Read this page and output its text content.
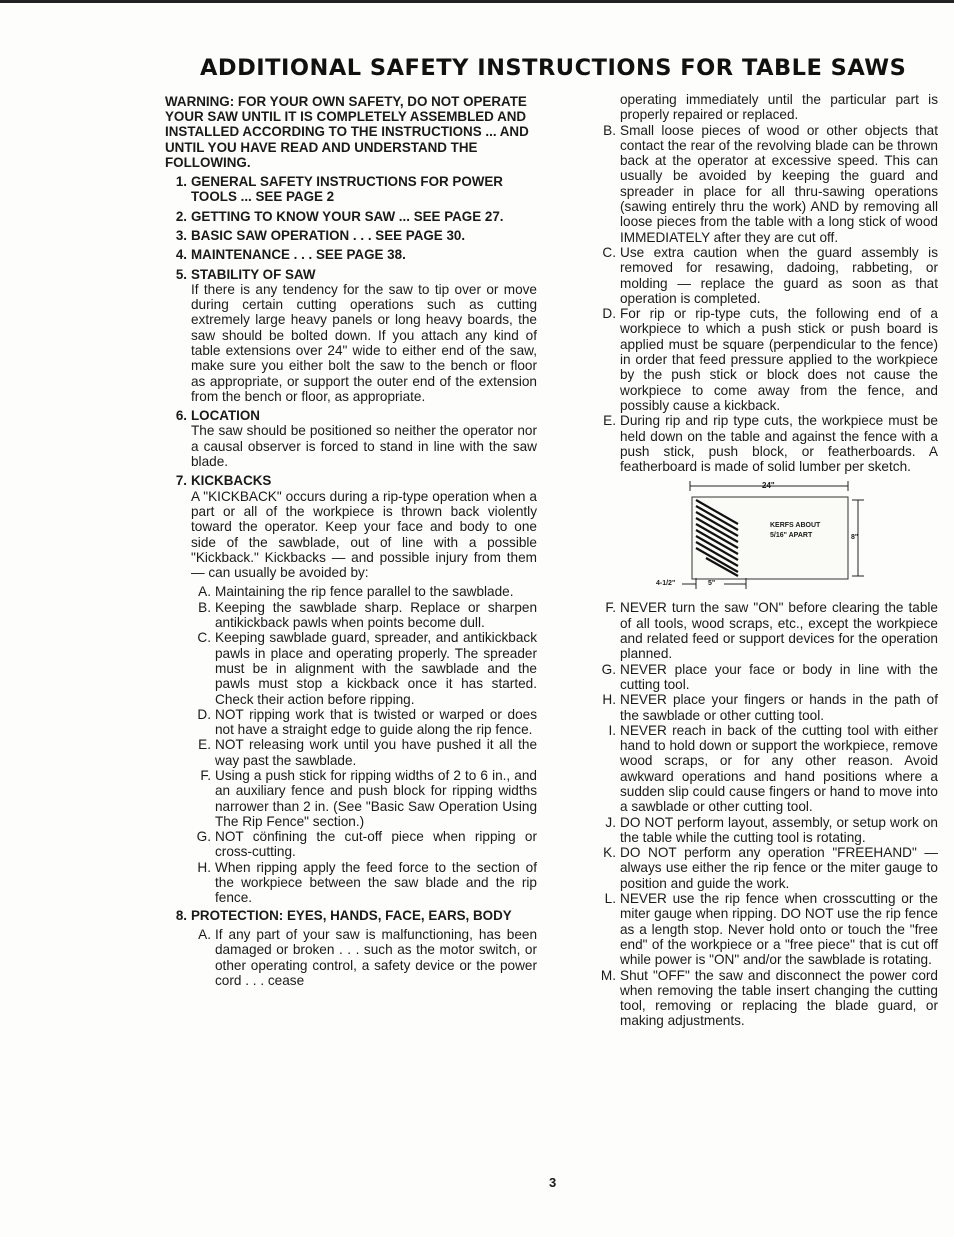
ADDITIONAL SAFETY INSTRUCTIONS FOR TABLE SAWS
WARNING: FOR YOUR OWN SAFETY, DO NOT OPERATE YOUR SAW UNTIL IT IS COMPLETELY ASSEMBLED AND INSTALLED ACCORDING TO THE INSTRUCTIONS ... AND UNTIL YOU HAVE READ AND UNDERSTAND THE FOLLOWING.
1. GENERAL SAFETY INSTRUCTIONS FOR POWER TOOLS ... SEE PAGE 2
2. GETTING TO KNOW YOUR SAW ... SEE PAGE 27.
3. BASIC SAW OPERATION . . . SEE PAGE 30.
4. MAINTENANCE . . . SEE PAGE 38.
5. STABILITY OF SAW
If there is any tendency for the saw to tip over or move during certain cutting operations such as cutting extremely large heavy panels or long heavy boards, the saw should be bolted down. If you attach any kind of table extensions over 24" wide to either end of the saw, make sure you either bolt the saw to the bench or floor as appropriate, or support the outer end of the extension from the bench or floor, as appropriate.
6. LOCATION
The saw should be positioned so neither the operator nor a causal observer is forced to stand in line with the saw blade.
7. KICKBACKS
A "KICKBACK" occurs during a rip-type operation when a part or all of the workpiece is thrown back violently toward the operator. Keep your face and body to one side of the sawblade, out of line with a possible "Kickback." Kickbacks — and possible injury from them — can usually be avoided by:
A. Maintaining the rip fence parallel to the sawblade.
B. Keeping the sawblade sharp. Replace or sharpen antikickback pawls when points become dull.
C. Keeping sawblade guard, spreader, and antikickback pawls in place and operating properly. The spreader must be in alignment with the sawblade and the pawls must stop a kickback once it has started. Check their action before ripping.
D. NOT ripping work that is twisted or warped or does not have a straight edge to guide along the rip fence.
E. NOT releasing work until you have pushed it all the way past the sawblade.
F. Using a push stick for ripping widths of 2 to 6 in., and an auxiliary fence and push block for ripping widths narrower than 2 in. (See "Basic Saw Operation Using The Rip Fence" section.)
G. NOT cönfining the cut-off piece when ripping or cross-cutting.
H. When ripping apply the feed force to the section of the workpiece between the saw blade and the rip fence.
8. PROTECTION: EYES, HANDS, FACE, EARS, BODY
A. If any part of your saw is malfunctioning, has been damaged or broken . . . such as the motor switch, or other operating control, a safety device or the power cord . . . cease
operating immediately until the particular part is properly repaired or replaced.
B. Small loose pieces of wood or other objects that contact the rear of the revolving blade can be thrown back at the operator at excessive speed. This can usually be avoided by keeping the guard and spreader in place for all thru-sawing operations (sawing entirely thru the work) AND by removing all loose pieces from the table with a long stick of wood IMMEDIATELY after they are cut off.
C. Use extra caution when the guard assembly is removed for resawing, dadoing, rabbeting, or molding — replace the guard as soon as that operation is completed.
D. For rip or rip-type cuts, the following end of a workpiece to which a push stick or push board is applied must be square (perpendicular to the fence) in order that feed pressure applied to the workpiece by the push stick or block does not cause the workpiece to come away from the fence, and possibly cause a kickback.
E. During rip and rip type cuts, the workpiece must be held down on the table and against the fence with a push stick, push block, or featherboards. A featherboard is made of solid lumber per sketch.
24"
KERFS ABOUT
5/16" APART	8"
4-1/2"	5"
F. NEVER turn the saw "ON" before clearing the table of all tools, wood scraps, etc., except the workpiece and related feed or support devices for the operation planned.
G. NEVER place your face or body in line with the cutting tool.
H. NEVER place your fingers or hands in the path of the sawblade or other cutting tool.
I. NEVER reach in back of the cutting tool with either hand to hold down or support the workpiece, remove wood scraps, or for any other reason. Avoid awkward operations and hand positions where a sudden slip could cause fingers or hand to move into a sawblade or other cutting tool.
J. DO NOT perform layout, assembly, or setup work on the table while the cutting tool is rotating.
K. DO NOT perform any operation "FREEHAND" — always use either the rip fence or the miter gauge to position and guide the work.
L. NEVER use the rip fence when crosscutting or the miter gauge when ripping. DO NOT use the rip fence as a length stop. Never hold onto or touch the "free end" of the workpiece or a "free piece" that is cut off while power is "ON" and/or the sawblade is rotating.
M. Shut "OFF" the saw and disconnect the power cord when removing the table insert changing the cutting tool, removing or replacing the blade guard, or making adjustments.
3
